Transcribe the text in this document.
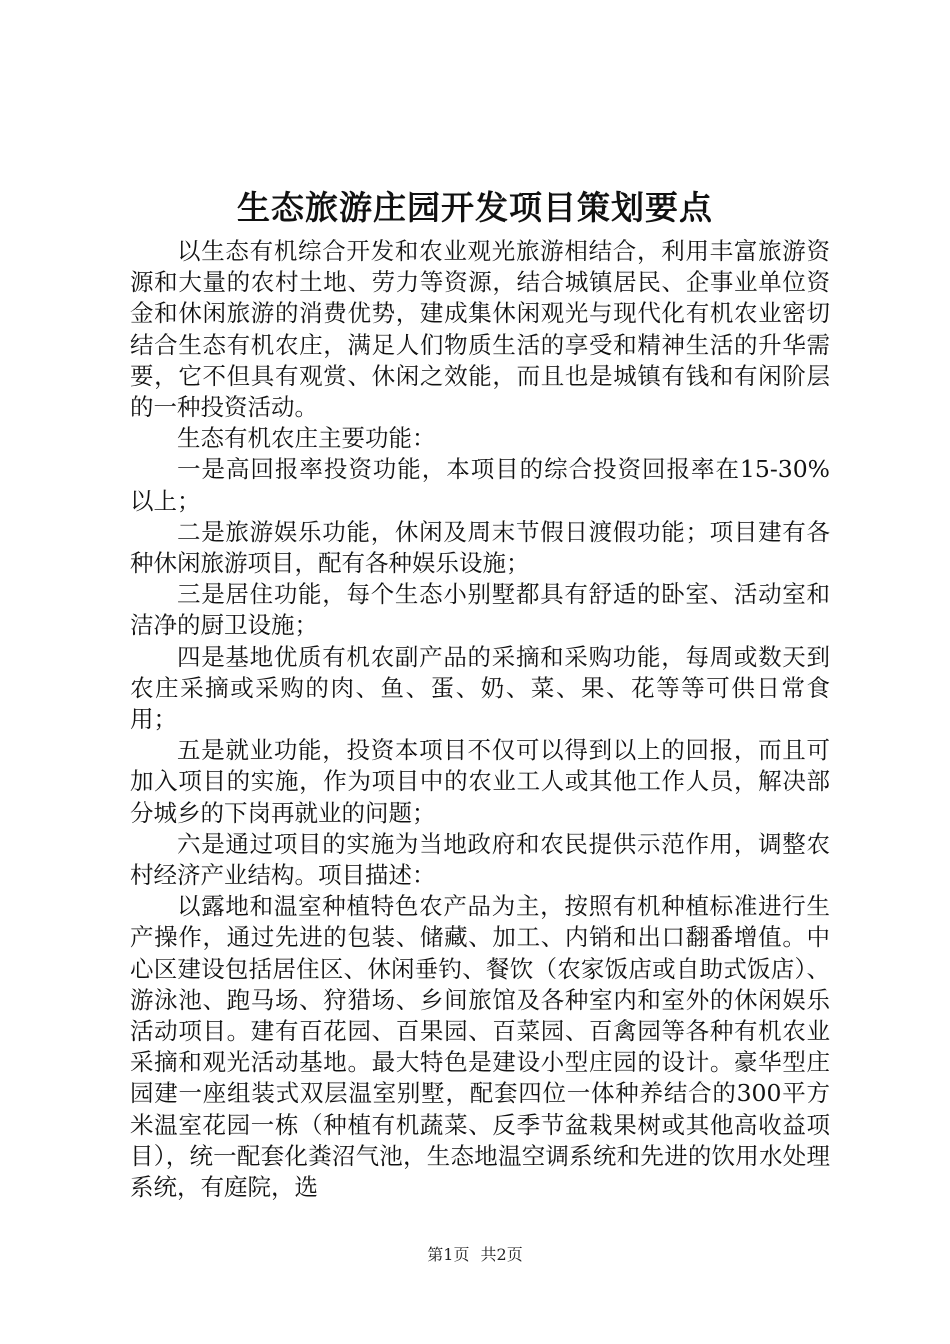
生态旅游庄园开发项目策划要点

以生态有机综合开发和农业观光旅游相结合，利用丰富旅游资源和大量的农村土地、劳力等资源，结合城镇居民、企事业单位资金和休闲旅游的消费优势，建成集休闲观光与现代化有机农业密切结合生态有机农庄，满足人们物质生活的享受和精神生活的升华需要，它不但具有观赏、休闲之效能，而且也是城镇有钱和有闲阶层的一种投资活动。

生态有机农庄主要功能：

一是高回报率投资功能，本项目的综合投资回报率在15-30%以上；

二是旅游娱乐功能，休闲及周末节假日渡假功能；项目建有各种休闲旅游项目，配有各种娱乐设施；

三是居住功能，每个生态小别墅都具有舒适的卧室、活动室和洁净的厨卫设施；

四是基地优质有机农副产品的采摘和采购功能，每周或数天到农庄采摘或采购的肉、鱼、蛋、奶、菜、果、花等等可供日常食用；

五是就业功能，投资本项目不仅可以得到以上的回报，而且可加入项目的实施，作为项目中的农业工人或其他工作人员，解决部分城乡的下岗再就业的问题；

六是通过项目的实施为当地政府和农民提供示范作用，调整农村经济产业结构。项目描述：

以露地和温室种植特色农产品为主，按照有机种植标准进行生产操作，通过先进的包装、储藏、加工、内销和出口翻番增值。中心区建设包括居住区、休闲垂钓、餐饮（农家饭店或自助式饭店）、游泳池、跑马场、狩猎场、乡间旅馆及各种室内和室外的休闲娱乐活动项目。建有百花园、百果园、百菜园、百禽园等各种有机农业采摘和观光活动基地。最大特色是建设小型庄园的设计。豪华型庄园建一座组装式双层温室别墅，配套四位一体种养结合的300平方米温室花园一栋（种植有机蔬菜、反季节盆栽果树或其他高收益项目），统一配套化粪沼气池，生态地温空调系统和先进的饮用水处理系统，有庭院，选

第1页 共2页
